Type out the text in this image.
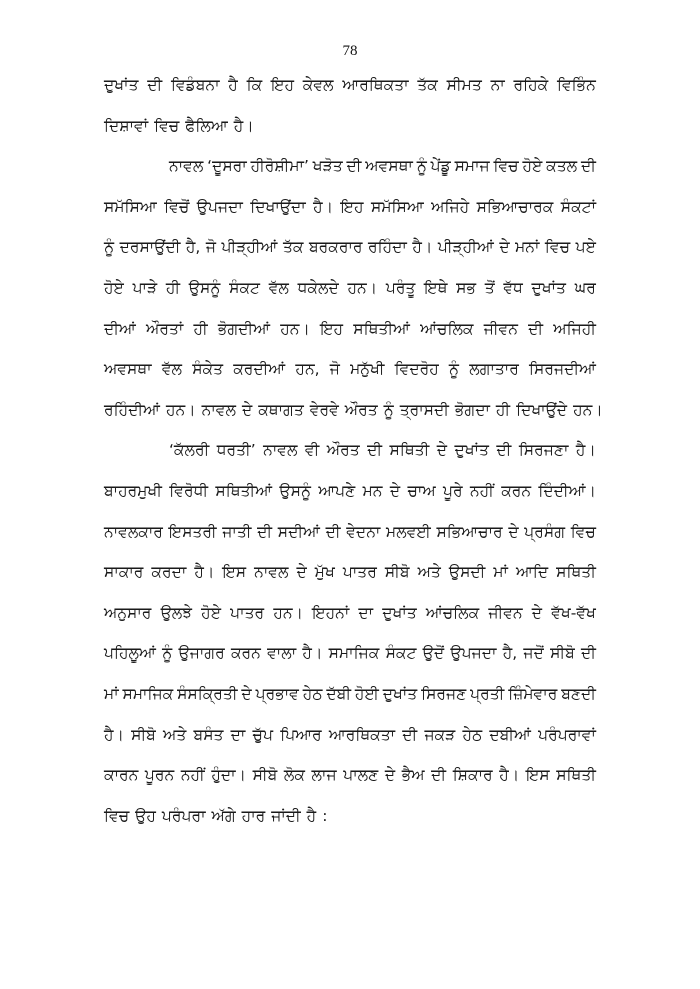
78
ਦੁਖਾਂਤ ਦੀ ਵਿਡੰਬਨਾ ਹੈ ਕਿ ਇਹ ਕੇਵਲ ਆਰਥਿਕਤਾ ਤੱਕ ਸੀਮਤ ਨਾ ਰਹਿਕੇ ਵਿਭਿੰਨ
ਦਿਸ਼ਾਵਾਂ ਵਿਚ ਫੈਲਿਆ ਹੈ।
ਨਾਵਲ ‘ਦੂਸਰਾ ਹੀਰੋਸ਼ੀਮਾ’ ਖੜੋਤ ਦੀ ਅਵਸਥਾ ਨੂੰ ਪੇਂਡੂ ਸਮਾਜ ਵਿਚ ਹੋਏ ਕਤਲ ਦੀ
ਸਮੱਸਿਆ ਵਿਚੋਂ ਉਪਜਦਾ ਦਿਖਾਉਂਦਾ ਹੈ। ਇਹ ਸਮੱਸਿਆ ਅਜਿਹੇ ਸਭਿਆਚਾਰਕ ਸੰਕਟਾਂ
ਨੂੰ ਦਰਸਾਉਂਦੀ ਹੈ, ਜੋ ਪੀੜ੍ਹੀਆਂ ਤੱਕ ਬਰਕਰਾਰ ਰਹਿੰਦਾ ਹੈ। ਪੀੜ੍ਹੀਆਂ ਦੇ ਮਨਾਂ ਵਿਚ ਪਏ
ਹੋਏ ਪਾੜੇ ਹੀ ਉਸਨੂੰ ਸੰਕਟ ਵੱਲ ਧਕੇਲਦੇ ਹਨ। ਪਰੰਤੂ ਇਥੇ ਸਭ ਤੋਂ ਵੱਧ ਦੁਖਾਂਤ ਘਰ
ਦੀਆਂ ਔਰਤਾਂ ਹੀ ਭੋਗਦੀਆਂ ਹਨ। ਇਹ ਸਥਿਤੀਆਂ ਆਂਚਲਿਕ ਜੀਵਨ ਦੀ ਅਜਿਹੀ
ਅਵਸਥਾ ਵੱਲ ਸੰਕੇਤ ਕਰਦੀਆਂ ਹਨ, ਜੋ ਮਨੁੱਖੀ ਵਿਦਰੋਹ ਨੂੰ ਲਗਾਤਾਰ ਸਿਰਜਦੀਆਂ
ਰਹਿੰਦੀਆਂ ਹਨ। ਨਾਵਲ ਦੇ ਕਥਾਗਤ ਵੇਰਵੇ ਔਰਤ ਨੂੰ ਤ੍ਰਾਸਦੀ ਭੋਗਦਾ ਹੀ ਦਿਖਾਉਂਦੇ ਹਨ।
‘ਕੱਲਰੀ ਧਰਤੀ’ ਨਾਵਲ ਵੀ ਔਰਤ ਦੀ ਸਥਿਤੀ ਦੇ ਦੁਖਾਂਤ ਦੀ ਸਿਰਜਣਾ ਹੈ।
ਬਾਹਰਮੁਖੀ ਵਿਰੋਧੀ ਸਥਿਤੀਆਂ ਉਸਨੂੰ ਆਪਣੇ ਮਨ ਦੇ ਚਾਅ ਪੂਰੇ ਨਹੀਂ ਕਰਨ ਦਿੰਦੀਆਂ।
ਨਾਵਲਕਾਰ ਇਸਤਰੀ ਜਾਤੀ ਦੀ ਸਦੀਆਂ ਦੀ ਵੇਦਨਾ ਮਲਵਈ ਸਭਿਆਚਾਰ ਦੇ ਪ੍ਰਸੰਗ ਵਿਚ
ਸਾਕਾਰ ਕਰਦਾ ਹੈ। ਇਸ ਨਾਵਲ ਦੇ ਮੁੱਖ ਪਾਤਰ ਸੀਬੋ ਅਤੇ ਉਸਦੀ ਮਾਂ ਆਦਿ ਸਥਿਤੀ
ਅਨੁਸਾਰ ਉਲਝੇ ਹੋਏ ਪਾਤਰ ਹਨ। ਇਹਨਾਂ ਦਾ ਦੁਖਾਂਤ ਆਂਚਲਿਕ ਜੀਵਨ ਦੇ ਵੱਖ-ਵੱਖ
ਪਹਿਲੂਆਂ ਨੂੰ ਉਜਾਗਰ ਕਰਨ ਵਾਲਾ ਹੈ। ਸਮਾਜਿਕ ਸੰਕਟ ਉਦੋਂ ਉਪਜਦਾ ਹੈ, ਜਦੋਂ ਸੀਬੋ ਦੀ
ਮਾਂ ਸਮਾਜਿਕ ਸੰਸਕ੍ਰਿਤੀ ਦੇ ਪ੍ਰਭਾਵ ਹੇਠ ਦੱਬੀ ਹੋਈ ਦੁਖਾਂਤ ਸਿਰਜਣ ਪ੍ਰਤੀ ਜ਼ਿੰਮੇਵਾਰ ਬਣਦੀ
ਹੈ। ਸੀਬੋ ਅਤੇ ਬਸੰਤ ਦਾ ਚੁੱਪ ਪਿਆਰ ਆਰਥਿਕਤਾ ਦੀ ਜਕੜ ਹੇਠ ਦਬੀਆਂ ਪਰੰਪਰਾਵਾਂ
ਕਾਰਨ ਪੂਰਨ ਨਹੀਂ ਹੁੰਦਾ। ਸੀਬੋ ਲੋਕ ਲਾਜ ਪਾਲਣ ਦੇ ਭੈਅ ਦੀ ਸ਼ਿਕਾਰ ਹੈ। ਇਸ ਸਥਿਤੀ
ਵਿਚ ਉਹ ਪਰੰਪਰਾ ਅੱਗੇ ਹਾਰ ਜਾਂਦੀ ਹੈ :
